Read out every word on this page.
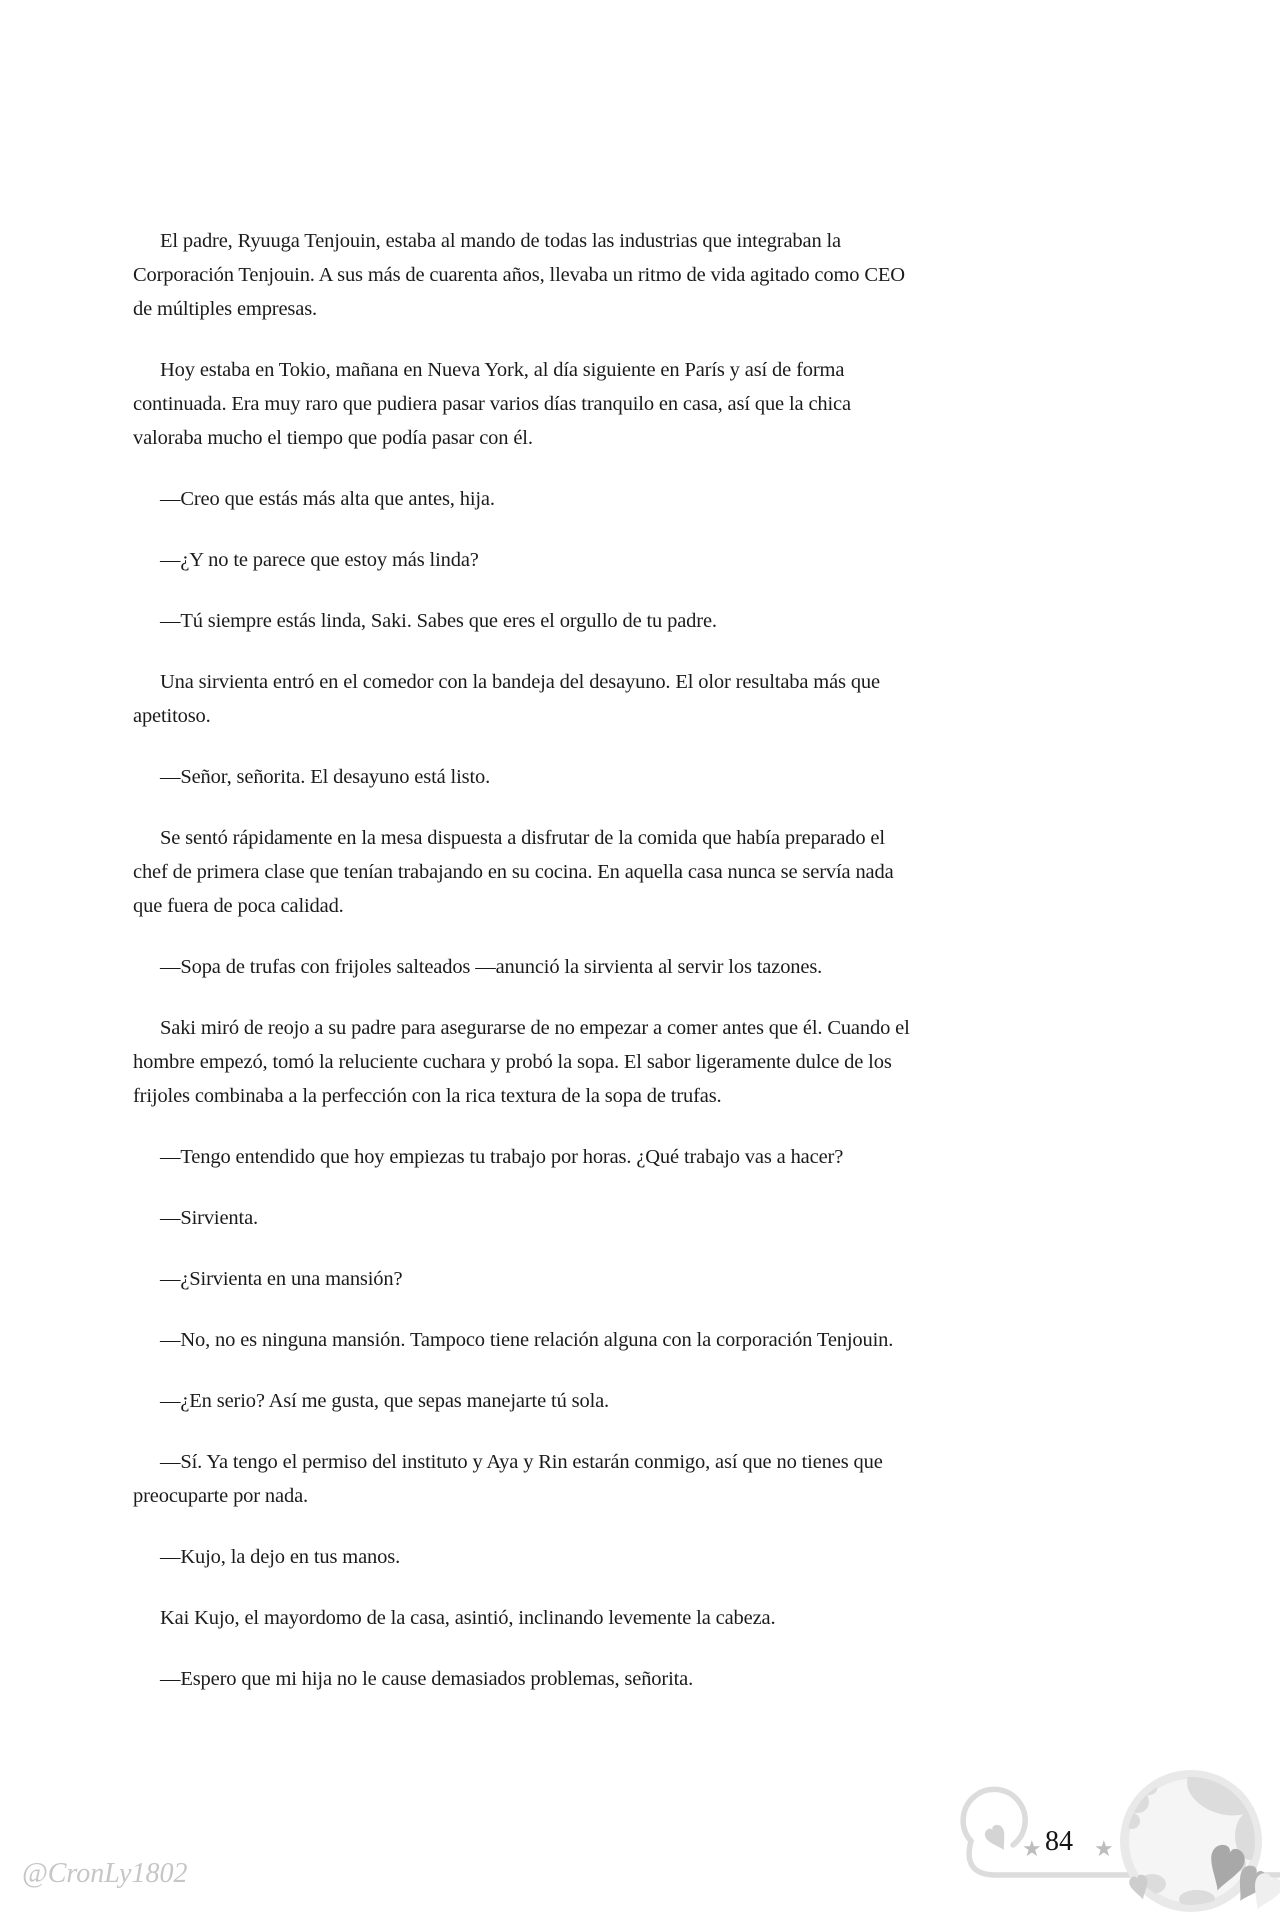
El padre, Ryuuga Tenjouin, estaba al mando de todas las industrias que integraban la Corporación Tenjouin. A sus más de cuarenta años, llevaba un ritmo de vida agitado como CEO de múltiples empresas.

Hoy estaba en Tokio, mañana en Nueva York, al día siguiente en París y así de forma continuada. Era muy raro que pudiera pasar varios días tranquilo en casa, así que la chica valoraba mucho el tiempo que podía pasar con él.

—Creo que estás más alta que antes, hija.

—¿Y no te parece que estoy más linda?

—Tú siempre estás linda, Saki. Sabes que eres el orgullo de tu padre.

Una sirvienta entró en el comedor con la bandeja del desayuno. El olor resultaba más que apetitoso.

—Señor, señorita. El desayuno está listo.

Se sentó rápidamente en la mesa dispuesta a disfrutar de la comida que había preparado el chef de primera clase que tenían trabajando en su cocina. En aquella casa nunca se servía nada que fuera de poca calidad.

—Sopa de trufas con frijoles salteados —anunció la sirvienta al servir los tazones.

Saki miró de reojo a su padre para asegurarse de no empezar a comer antes que él. Cuando el hombre empezó, tomó la reluciente cuchara y probó la sopa. El sabor ligeramente dulce de los frijoles combinaba a la perfección con la rica textura de la sopa de trufas.

—Tengo entendido que hoy empiezas tu trabajo por horas. ¿Qué trabajo vas a hacer?

—Sirvienta.

—¿Sirvienta en una mansión?

—No, no es ninguna mansión. Tampoco tiene relación alguna con la corporación Tenjouin.

—¿En serio? Así me gusta, que sepas manejarte tú sola.

—Sí. Ya tengo el permiso del instituto y Aya y Rin estarán conmigo, así que no tienes que preocuparte por nada.

—Kujo, la dejo en tus manos.

Kai Kujo, el mayordomo de la casa, asintió, inclinando levemente la cabeza.

—Espero que mi hija no le cause demasiados problemas, señorita.

★ 84 ★
@CronLy1802
